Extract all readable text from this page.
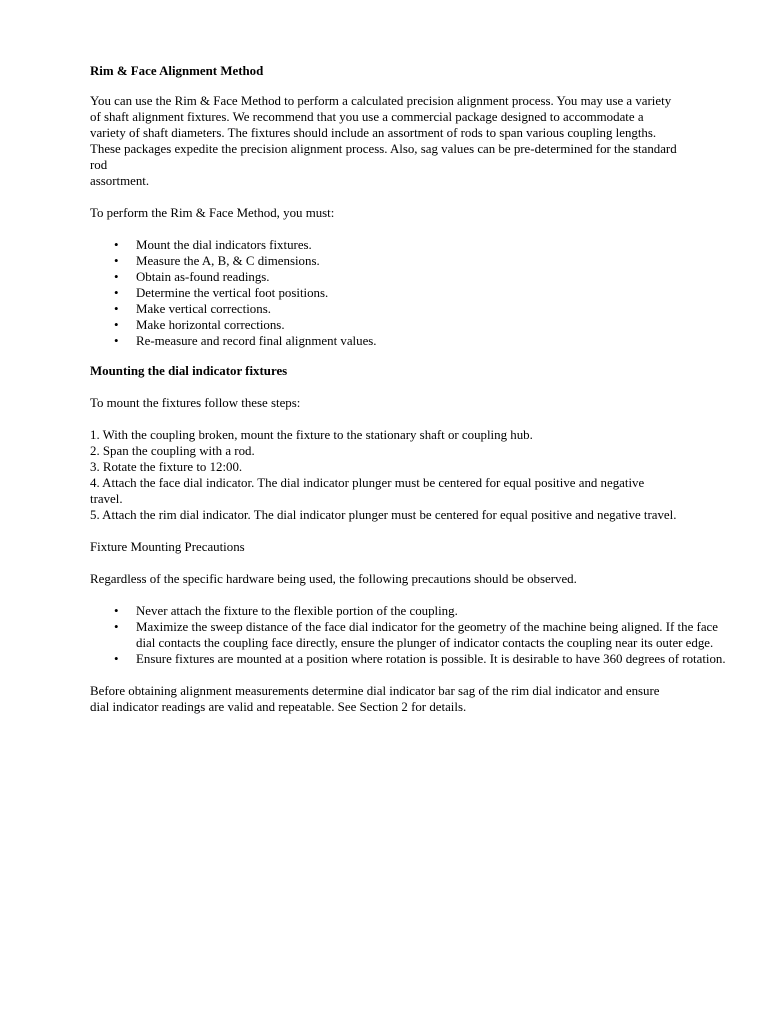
Rim & Face Alignment Method

You can use the Rim & Face Method to perform a calculated precision alignment process. You may use a variety

of shaft alignment fixtures. We recommend that you use a commercial package designed to accommodate a

variety of shaft diameters. The fixtures should include an assortment of rods to span various coupling lengths.

These packages expedite the precision alignment process. Also, sag values can be pre-determined for the standard

rod

assortment.

To perform the Rim & Face Method, you must:

• Mount the dial indicators fixtures.
• Measure the A, B, & C dimensions.
• Obtain as-found readings.
• Determine the vertical foot positions.
• Make vertical corrections.
• Make horizontal corrections.
• Re-measure and record final alignment values.
Mounting the dial indicator fixtures

To mount the fixtures follow these steps:

1. With the coupling broken, mount the fixture to the stationary shaft or coupling hub.

2. Span the coupling with a rod.

3. Rotate the fixture to 12:00.

4. Attach the face dial indicator. The dial indicator plunger must be centered for equal positive and negative

travel.

5. Attach the rim dial indicator. The dial indicator plunger must be centered for equal positive and negative travel.

Fixture Mounting Precautions

Regardless of the specific hardware being used, the following precautions should be observed.

• Never attach the fixture to the flexible portion of the coupling.
• Maximize the sweep distance of the face dial indicator for the geometry of the machine being aligned. If the face dial contacts the coupling face directly, ensure the plunger of indicator contacts the coupling near its outer edge.
• Ensure fixtures are mounted at a position where rotation is possible. It is desirable to have 360 degrees of rotation.

Before obtaining alignment measurements determine dial indicator bar sag of the rim dial indicator and ensure

dial indicator readings are valid and repeatable. See Section 2 for details.
